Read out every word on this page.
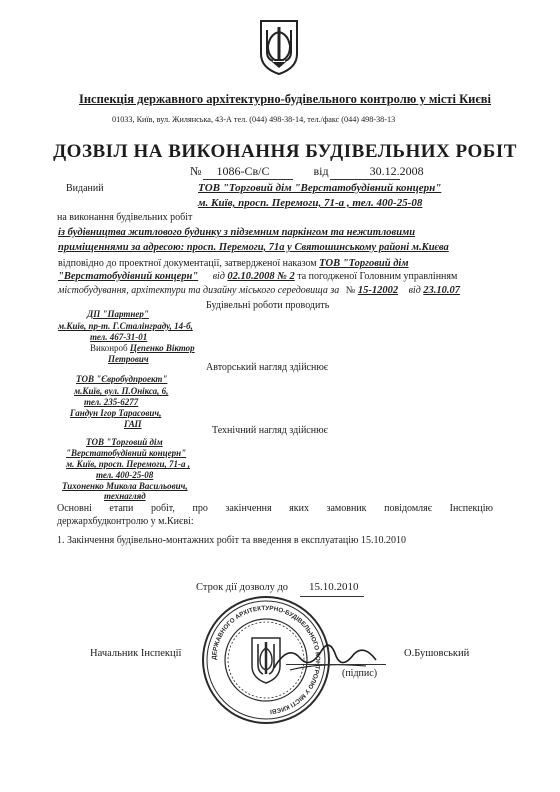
Інспекція державного архітектурно-будівельного контролю у місті Києві
01033, Київ, вул. Жилянська, 43-А тел. (044) 498-38-14, тел./факс (044) 498-38-13
ДОЗВІЛ НА ВИКОНАННЯ БУДІВЕЛЬНИХ РОБІТ
№ 1086-Св/С	від	30.12.2008
Виданий	ТОВ "Торговий дім "Верстатобудівний концерн"
м. Київ, просп. Перемоги, 71-а , тел. 400-25-08
на виконання будівельних робіт
із будівництва житлового будинку з підземним паркінгом та нежитловими
приміщеннями за адресою: просп. Перемоги, 71а у Святошинському районі м.Києва
відповідно до проектної документації, затвердженої наказом ТОВ "Торговий дім
"Верстатобудівний концерн" від 02.10.2008 № 2 та погодженої Головним управлінням
містобудування, архітектури та дизайну міського середовища за № 15-12002 від 23.10.07
Будівельні роботи проводить
ДП "Партнер"
м.Київ, пр-т. Г.Сталінграду, 14-б,
тел. 467-31-01
Виконроб Цепенко Віктор
Петрович
Авторський нагляд здійснює
ТОВ "Євробудпроект"
м.Київ, вул. П.Онікса, 6,
тел. 235-6277
Гандун Ігор Тарасович,
ГАП
Технічний нагляд здійснює
ТОВ "Торговий дім
"Верстатобудівний концерн"
м. Київ, просп. Перемоги, 71-а ,
тел. 400-25-08
Тихоненко Микола Васильович,
технагляд
Основні етапи робіт, про закінчення яких замовник повідомляє Інспекцію
держархбудконтролю у м.Києві:
1. Закінчення будівельно-монтажних робіт та введення в експлуатацію 15.10.2010
Строк дії дозволу до 15.10.2010
ДЕРЖАВНОГО АРХІТЕКТУРНО-БУДІВЕЛЬНОГО КОНТРОЛЮ У МІСТІ КИЄВІ
Начальник Інспекції	О.Бушовський
(підпис)
